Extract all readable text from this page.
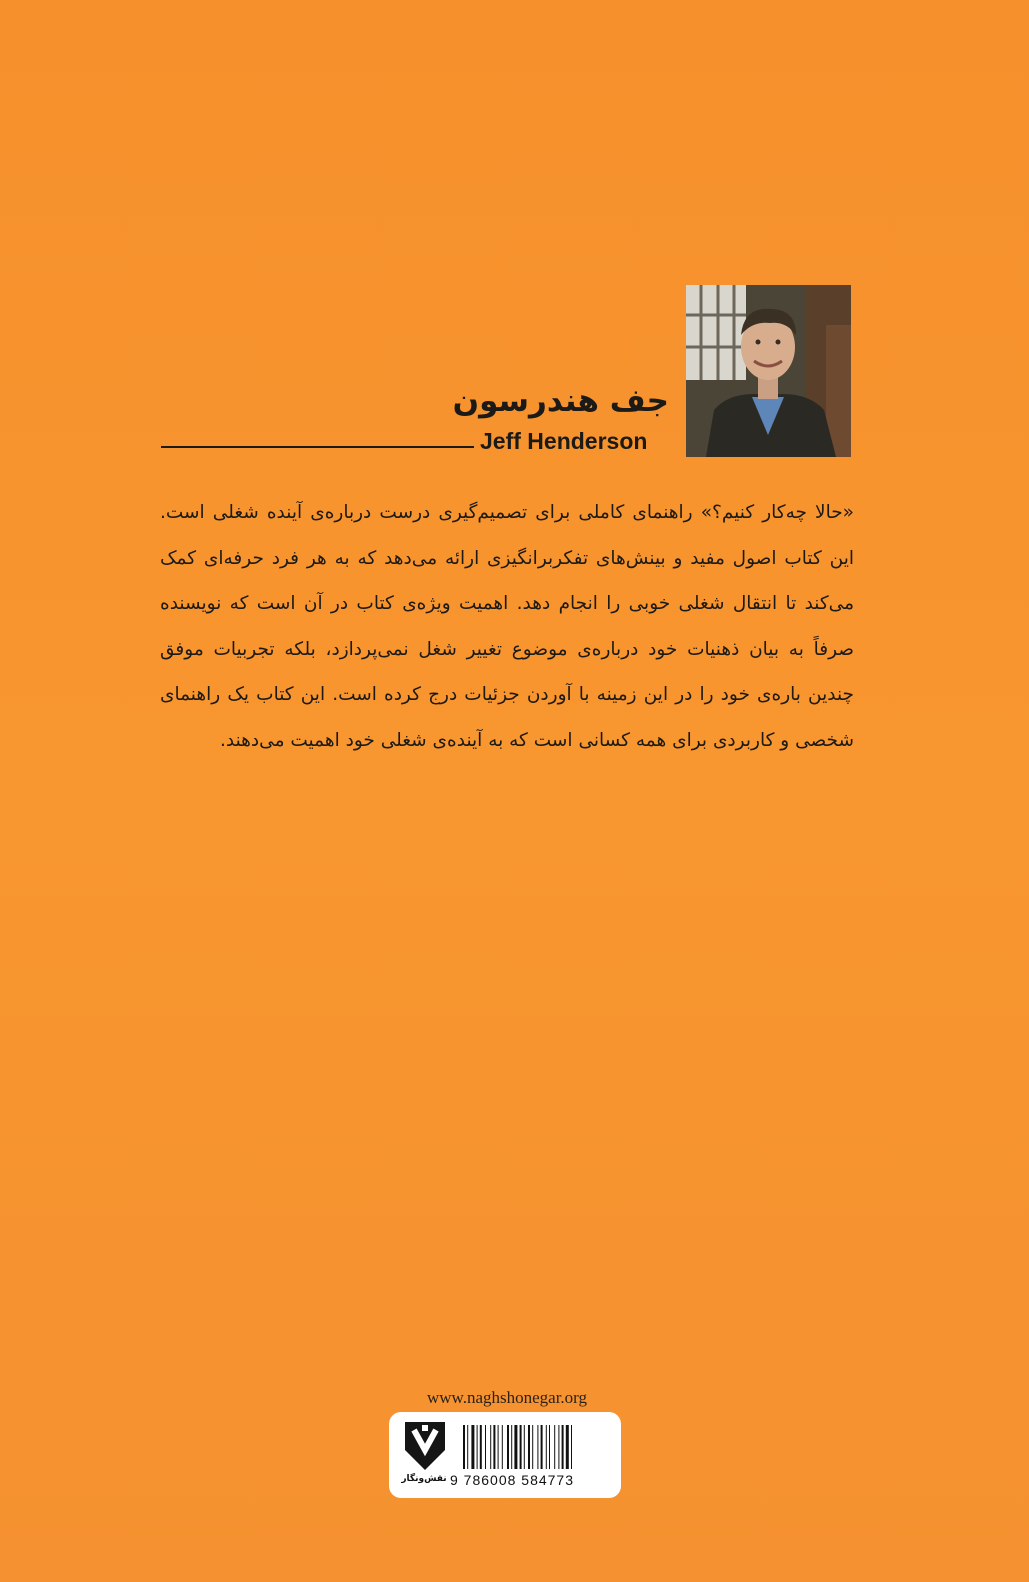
جف هندرسون
Jeff Henderson

«حالا چه‌کار کنیم؟» راهنمای کاملی برای تصمیم‌گیری درست درباره‌ی آینده شغلی است. این کتاب اصول مفید و بینش‌های تفکربرانگیزی ارائه می‌دهد که به هر فرد حرفه‌ای کمک می‌کند تا انتقال شغلی خوبی را انجام دهد. اهمیت ویژه‌ی کتاب در آن است که نویسنده صرفاً به بیان ذهنیات خود درباره‌ی موضوع تغییر شغل نمی‌پردازد، بلکه تجربیات موفق چندین باره‌ی خود را در این زمینه با آوردن جزئیات درج کرده است. این کتاب یک راهنمای شخصی و کاربردی برای همه کسانی است که به آینده‌ی شغلی خود اهمیت می‌دهند.

www.naghshonegar.org
نقش‌ونگار 9 786008 584773
